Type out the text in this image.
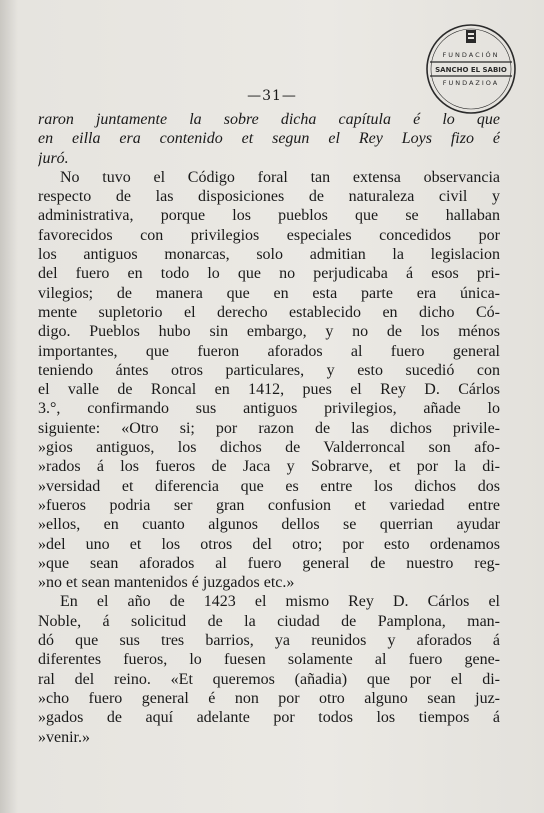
FUNDACIÓN
SANCHO EL SABIO
FUNDAZIOA
—31—
raron juntamente la sobre dicha capítula é lo que
en eilla era contenido et segun el Rey Loys fizo é
juró.
No tuvo el Código foral tan extensa observancia
respecto de las disposiciones de naturaleza civil y
administrativa, porque los pueblos que se hallaban
favorecidos con privilegios especiales concedidos por
los antiguos monarcas, solo admitian la legislacion
del fuero en todo lo que no perjudicaba á esos pri-
vilegios; de manera que en esta parte era única-
mente supletorio el derecho establecido en dicho Có-
digo. Pueblos hubo sin embargo, y no de los ménos
importantes, que fueron aforados al fuero general
teniendo ántes otros particulares, y esto sucedió con
el valle de Roncal en 1412, pues el Rey D. Cárlos
3.°, confirmando sus antiguos privilegios, añade lo
siguiente: «Otro si; por razon de las dichos privile-
»gios antiguos, los dichos de Valderroncal son afo-
»rados á los fueros de Jaca y Sobrarve, et por la di-
»versidad et diferencia que es entre los dichos dos
»fueros podria ser gran confusion et variedad entre
»ellos, en cuanto algunos dellos se querrian ayudar
»del uno et los otros del otro; por esto ordenamos
»que sean aforados al fuero general de nuestro reg-
»no et sean mantenidos é juzgados etc.»
En el año de 1423 el mismo Rey D. Cárlos el
Noble, á solicitud de la ciudad de Pamplona, man-
dó que sus tres barrios, ya reunidos y aforados á
diferentes fueros, lo fuesen solamente al fuero gene-
ral del reino. «Et queremos (añadia) que por el di-
»cho fuero general é non por otro alguno sean juz-
»gados de aquí adelante por todos los tiempos á
»venir.»
